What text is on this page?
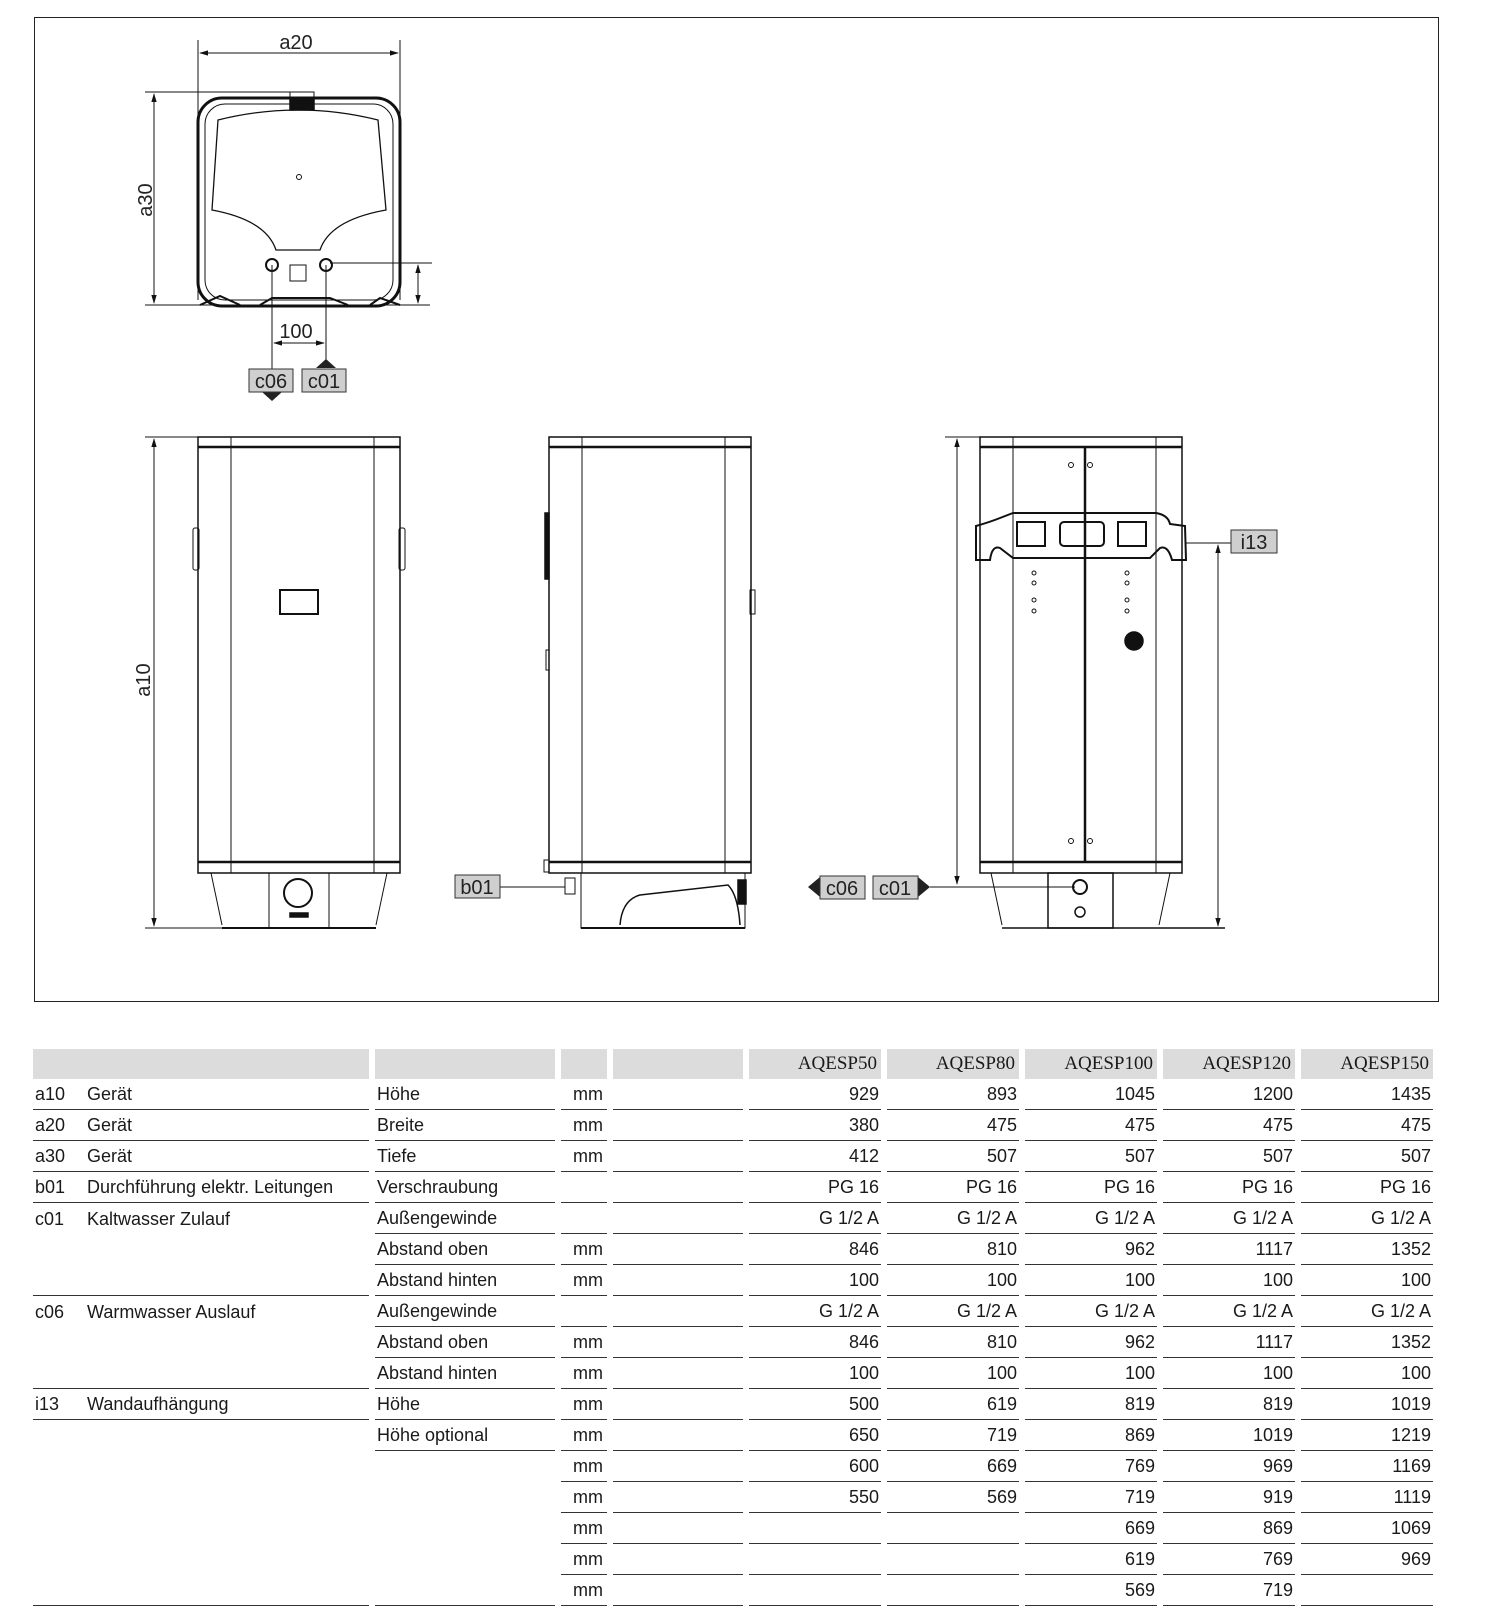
a20
a30
100
c06 c01
a10
b01	c06 c01
i13
				AQESP50	AQESP80	AQESP100	AQESP120	AQESP150
a10 Gerät	Höhe	mm		929	893	1045	1200	1435
a20 Gerät	Breite	mm		380	475	475	475	475
a30 Gerät	Tiefe	mm		412	507	507	507	507
b01 Durchführung elektr. Leitungen	Verschraubung			PG 16	PG 16	PG 16	PG 16	PG 16
c01 Kaltwasser Zulauf	Außengewinde			G 1/2 A	G 1/2 A	G 1/2 A	G 1/2 A	G 1/2 A
	Abstand oben	mm		846	810	962	1117	1352
	Abstand hinten	mm		100	100	100	100	100
c06 Warmwasser Auslauf	Außengewinde			G 1/2 A	G 1/2 A	G 1/2 A	G 1/2 A	G 1/2 A
	Abstand oben	mm		846	810	962	1117	1352
	Abstand hinten	mm		100	100	100	100	100
i13 Wandaufhängung	Höhe	mm		500	619	819	819	1019
	Höhe optional	mm		650	719	869	1019	1219
		mm		600	669	769	969	1169
		mm		550	569	719	919	1119
		mm				669	869	1069
		mm				619	769	969
		mm				569	719	
